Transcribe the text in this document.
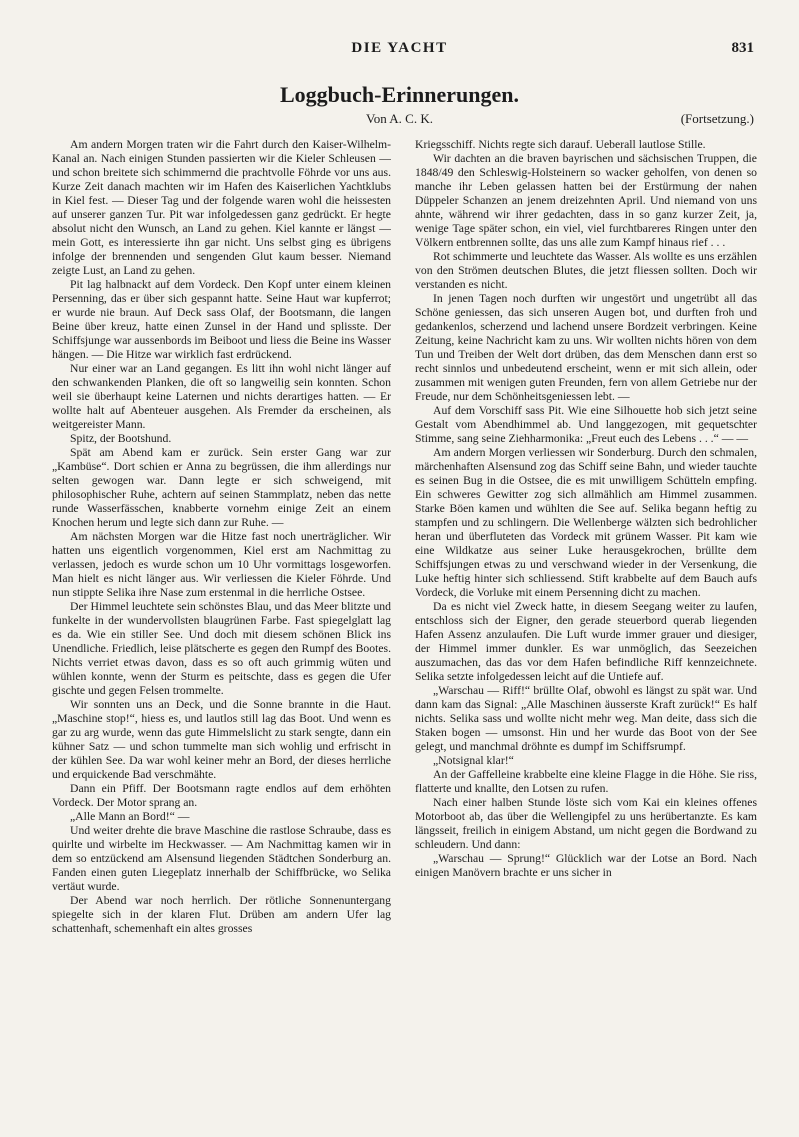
DIE YACHT	831
Loggbuch-Erinnerungen.
Von A. C. K.	(Fortsetzung.)

Am andern Morgen traten wir die Fahrt durch den Kaiser-Wilhelm-Kanal an. Nach einigen Stunden passierten wir die Kieler Schleusen — und schon breitete sich schimmernd die prachtvolle Föhrde vor uns aus. Kurze Zeit danach machten wir im Hafen des Kaiserlichen Yachtklubs in Kiel fest. — Dieser Tag und der folgende waren wohl die heissesten auf unserer ganzen Tur. Pit war infolgedessen ganz gedrückt. Er hegte absolut nicht den Wunsch, an Land zu gehen. Kiel kannte er längst — mein Gott, es interessierte ihn gar nicht. Uns selbst ging es übrigens infolge der brennenden und sengenden Glut kaum besser. Niemand zeigte Lust, an Land zu gehen.

Pit lag halbnackt auf dem Vordeck. Den Kopf unter einem kleinen Persenning, das er über sich gespannt hatte. Seine Haut war kupferrot; er wurde nie braun. Auf Deck sass Olaf, der Bootsmann, die langen Beine über kreuz, hatte einen Zunsel in der Hand und splisste. Der Schiffsjunge war aussenbords im Beiboot und liess die Beine ins Wasser hängen. — Die Hitze war wirklich fast erdrückend.

Nur einer war an Land gegangen. Es litt ihn wohl nicht länger auf den schwankenden Planken, die oft so langweilig sein konnten. Schon weil sie überhaupt keine Laternen und nichts derartiges hatten. — Er wollte halt auf Abenteuer ausgehen. Als Fremder da erscheinen, als weitgereister Mann.

Spitz, der Bootshund.

Spät am Abend kam er zurück. Sein erster Gang war zur „Kambüse“. Dort schien er Anna zu begrüssen, die ihm allerdings nur selten gewogen war. Dann legte er sich schweigend, mit philosophischer Ruhe, achtern auf seinen Stammplatz, neben das nette runde Wasserfässchen, knabberte vornehm einige Zeit an einem Knochen herum und legte sich dann zur Ruhe. —

Am nächsten Morgen war die Hitze fast noch unerträglicher. Wir hatten uns eigentlich vorgenommen, Kiel erst am Nachmittag zu verlassen, jedoch es wurde schon um 10 Uhr vormittags losgeworfen. Man hielt es nicht länger aus. Wir verliessen die Kieler Föhrde. Und nun stippte Selika ihre Nase zum erstenmal in die herrliche Ostsee.

Der Himmel leuchtete sein schönstes Blau, und das Meer blitzte und funkelte in der wundervollsten blaugrünen Farbe. Fast spiegelglatt lag es da. Wie ein stiller See. Und doch mit diesem schönen Blick ins Unendliche. Friedlich, leise plätscherte es gegen den Rumpf des Bootes. Nichts verriet etwas davon, dass es so oft auch grimmig wüten und wühlen konnte, wenn der Sturm es peitschte, dass es gegen die Ufer gischte und gegen Felsen trommelte.

Wir sonnten uns an Deck, und die Sonne brannte in die Haut. „Maschine stop!“, hiess es, und lautlos still lag das Boot. Und wenn es gar zu arg wurde, wenn das gute Himmelslicht zu stark sengte, dann ein kühner Satz — und schon tummelte man sich wohlig und erfrischt in der kühlen See. Da war wohl keiner mehr an Bord, der dieses herrliche und erquickende Bad verschmähte.

Dann ein Pfiff. Der Bootsmann ragte endlos auf dem erhöhten Vordeck. Der Motor sprang an.

„Alle Mann an Bord!“ —

Und weiter drehte die brave Maschine die rastlose Schraube, dass es quirlte und wirbelte im Heckwasser. — Am Nachmittag kamen wir in dem so entzückend am Alsensund liegenden Städtchen Sonderburg an. Fanden einen guten Liegeplatz innerhalb der Schiffbrücke, wo Selika vertäut wurde.

Der Abend war noch herrlich. Der rötliche Sonnenuntergang spiegelte sich in der klaren Flut. Drüben am andern Ufer lag schattenhaft, schemenhaft ein altes grosses

Kriegsschiff. Nichts regte sich darauf. Ueberall lautlose Stille.

Wir dachten an die braven bayrischen und sächsischen Truppen, die 1848/49 den Schleswig-Holsteinern so wacker geholfen, von denen so manche ihr Leben gelassen hatten bei der Erstürmung der nahen Düppeler Schanzen an jenem dreizehnten April. Und niemand von uns ahnte, während wir ihrer gedachten, dass in so ganz kurzer Zeit, ja, wenige Tage später schon, ein viel, viel furchtbareres Ringen unter den Völkern entbrennen sollte, das uns alle zum Kampf hinaus rief . . .

Rot schimmerte und leuchtete das Wasser. Als wollte es uns erzählen von den Strömen deutschen Blutes, die jetzt fliessen sollten. Doch wir verstanden es nicht.

In jenen Tagen noch durften wir ungestört und ungetrübt all das Schöne geniessen, das sich unseren Augen bot, und durften froh und gedankenlos, scherzend und lachend unsere Bordzeit verbringen. Keine Zeitung, keine Nachricht kam zu uns. Wir wollten nichts hören von dem Tun und Treiben der Welt dort drüben, das dem Menschen dann erst so recht sinnlos und unbedeutend erscheint, wenn er mit sich allein, oder zusammen mit wenigen guten Freunden, fern von allem Getriebe nur der Freude, nur dem Schönheitsgeniessen lebt. —

Auf dem Vorschiff sass Pit. Wie eine Silhouette hob sich jetzt seine Gestalt vom Abendhimmel ab. Und langgezogen, mit gequetschter Stimme, sang seine Ziehharmonika: „Freut euch des Lebens . . .“ — —

Am andern Morgen verliessen wir Sonderburg. Durch den schmalen, märchenhaften Alsensund zog das Schiff seine Bahn, und wieder tauchte es seinen Bug in die Ostsee, die es mit unwilligem Schütteln empfing. Ein schweres Gewitter zog sich allmählich am Himmel zusammen. Starke Böen kamen und wühlten die See auf. Selika begann heftig zu stampfen und zu schlingern. Die Wellenberge wälzten sich bedrohlicher heran und überfluteten das Vordeck mit grünem Wasser. Pit kam wie eine Wildkatze aus seiner Luke herausgekrochen, brüllte dem Schiffsjungen etwas zu und verschwand wieder in der Versenkung, die Luke heftig hinter sich schliessend. Stift krabbelte auf dem Bauch aufs Vordeck, die Vorluke mit einem Persenning dicht zu machen.

Da es nicht viel Zweck hatte, in diesem Seegang weiter zu laufen, entschloss sich der Eigner, den gerade steuerbord querab liegenden Hafen Assenz anzulaufen. Die Luft wurde immer grauer und diesiger, der Himmel immer dunkler. Es war unmöglich, das Seezeichen auszumachen, das das vor dem Hafen befindliche Riff kennzeichnete. Selika setzte infolgedessen leicht auf die Untiefe auf.

„Warschau — Riff!“ brüllte Olaf, obwohl es längst zu spät war. Und dann kam das Signal: „Alle Maschinen äusserste Kraft zurück!“ Es half nichts. Selika sass und wollte nicht mehr weg. Man deite, dass sich die Staken bogen — umsonst. Hin und her wurde das Boot von der See gelegt, und manchmal dröhnte es dumpf im Schiffsrumpf.

„Notsignal klar!“

An der Gaffelleine krabbelte eine kleine Flagge in die Höhe. Sie riss, flatterte und knallte, den Lotsen zu rufen.

Nach einer halben Stunde löste sich vom Kai ein kleines offenes Motorboot ab, das über die Wellengipfel zu uns herübertanzte. Es kam längsseit, freilich in einigem Abstand, um nicht gegen die Bordwand zu schleudern. Und dann:

„Warschau — Sprung!“ Glücklich war der Lotse an Bord. Nach einigen Manövern brachte er uns sicher in
